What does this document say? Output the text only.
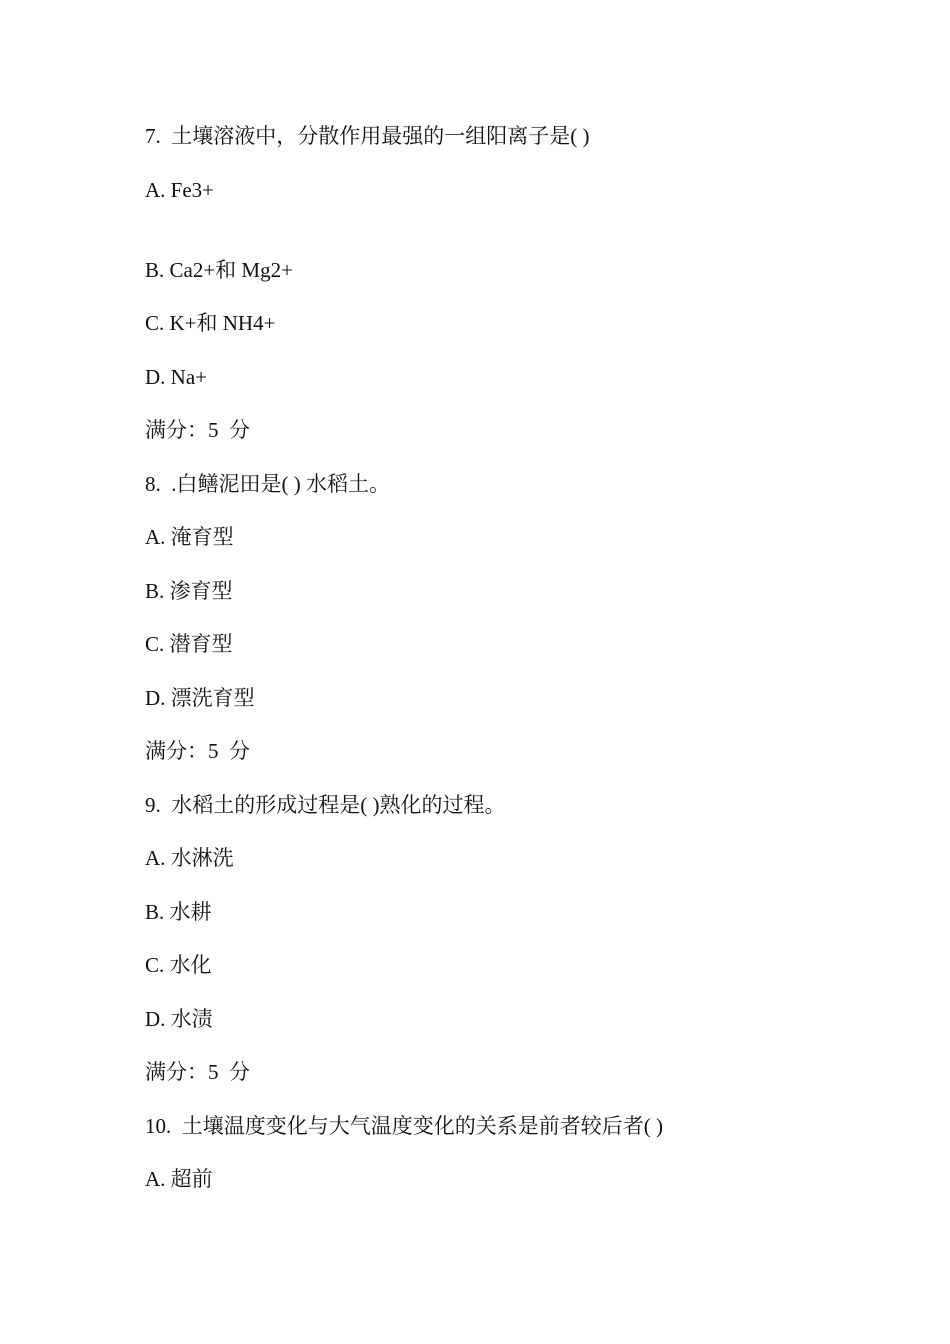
7.  土壤溶液中，分散作用最强的一组阳离子是( )
A. Fe3+
B. Ca2+和 Mg2+
C. K+和 NH4+
D. Na+
满分：5  分
8.  .白鳝泥田是( ) 水稻土。
A. 淹育型
B. 渗育型
C. 潜育型
D. 漂洗育型
满分：5  分
9.  水稻土的形成过程是( )熟化的过程。
A. 水淋洗
B. 水耕
C. 水化
D. 水渍
满分：5  分
10.  土壤温度变化与大气温度变化的关系是前者较后者( )
A. 超前
